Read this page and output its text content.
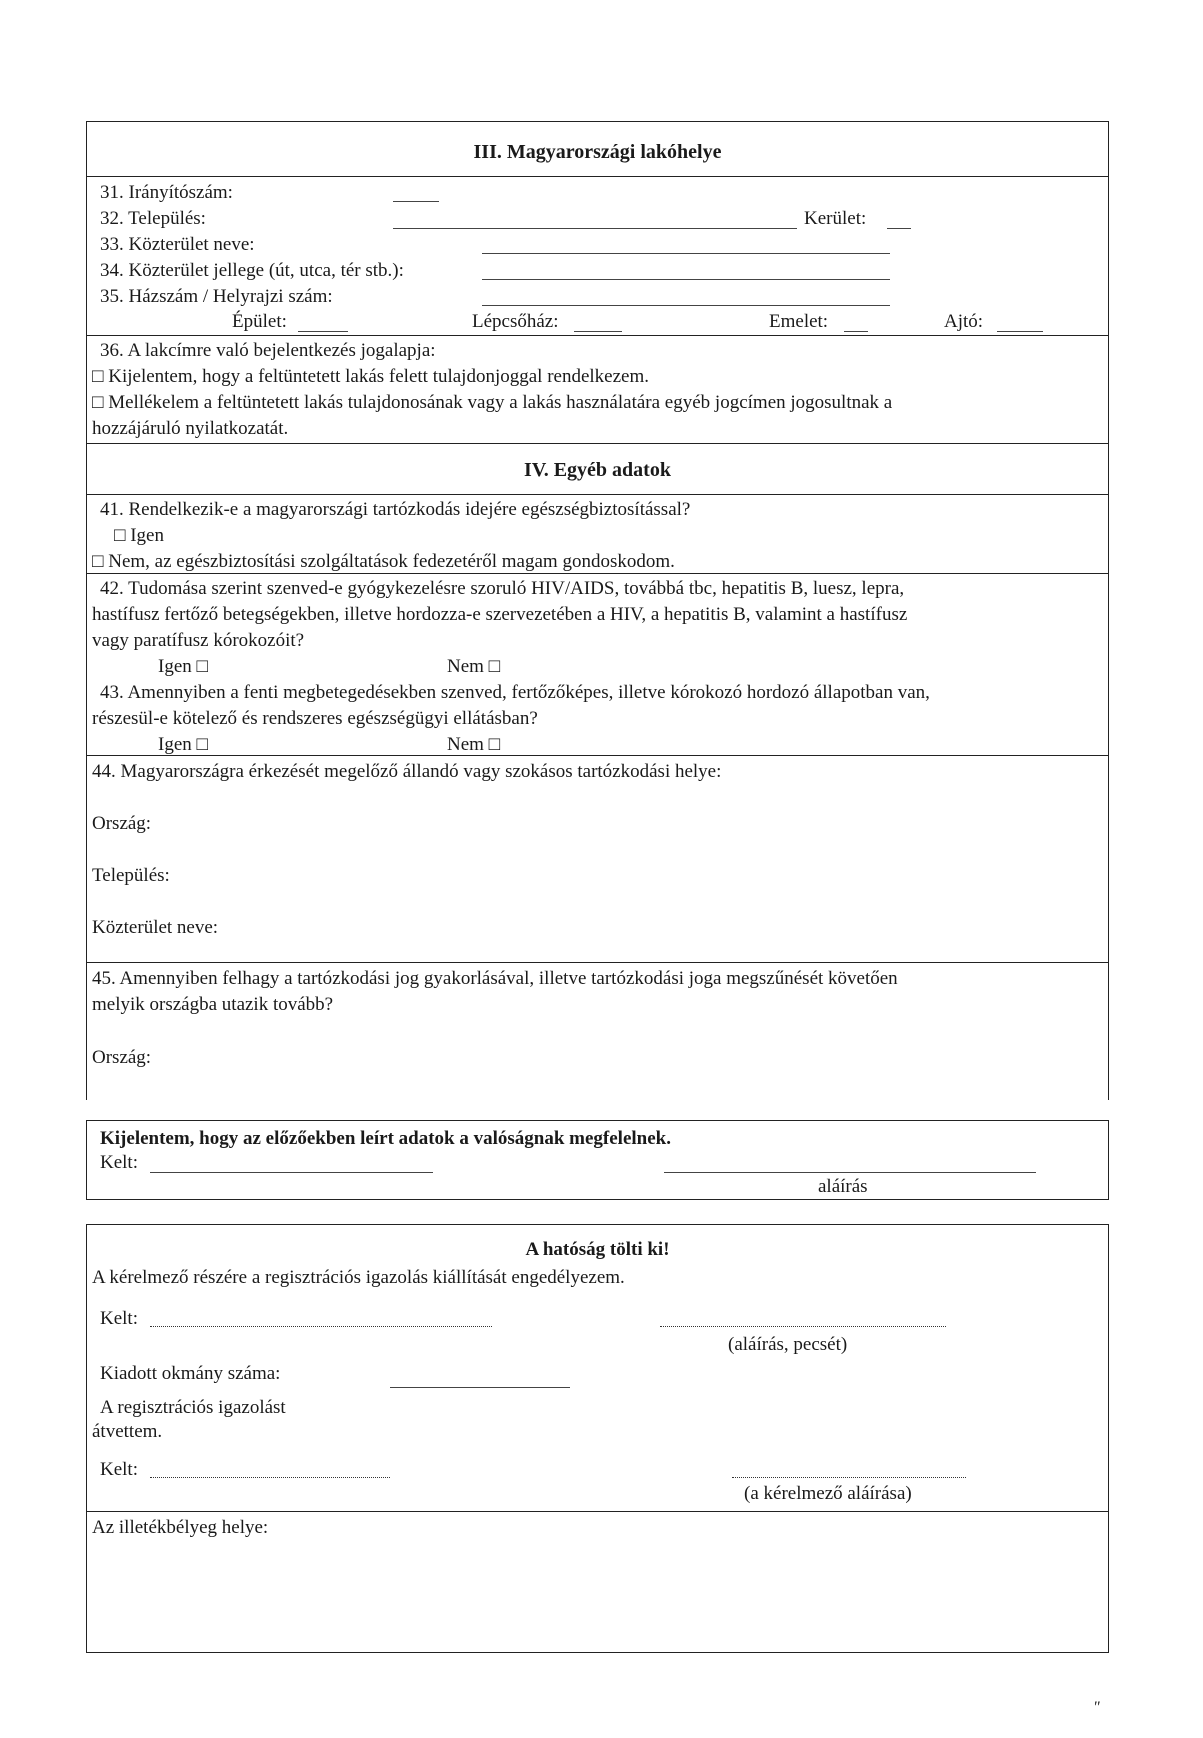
III. Magyarországi lakóhelye
31. Irányítószám:
32. Település:	Kerület:
33. Közterület neve:
34. Közterület jellege (út, utca, tér stb.):
35. Házszám / Helyrajzi szám:
Épület:	Lépcsőház:	Emelet:	Ajtó:
36. A lakcímre való bejelentkezés jogalapja:
□ Kijelentem, hogy a feltüntetett lakás felett tulajdonjoggal rendelkezem.
□ Mellékelem a feltüntetett lakás tulajdonosának vagy a lakás használatára egyéb jogcímen jogosultnak a
hozzájáruló nyilatkozatát.
IV. Egyéb adatok
41. Rendelkezik-e a magyarországi tartózkodás idejére egészségbiztosítással?
□ Igen
□ Nem, az egészbiztosítási szolgáltatások fedezetéről magam gondoskodom.
42. Tudomása szerint szenved-e gyógykezelésre szoruló HIV/AIDS, továbbá tbc, hepatitis B, luesz, lepra,
hastífusz fertőző betegségekben, illetve hordozza-e szervezetében a HIV, a hepatitis B, valamint a hastífusz
vagy paratífusz kórokozóit?
Igen □	Nem □
43. Amennyiben a fenti megbetegedésekben szenved, fertőzőképes, illetve kórokozó hordozó állapotban van,
részesül-e kötelező és rendszeres egészségügyi ellátásban?
Igen □	Nem □
44. Magyarországra érkezését megelőző állandó vagy szokásos tartózkodási helye:
Ország:
Település:
Közterület neve:
45. Amennyiben felhagy a tartózkodási jog gyakorlásával, illetve tartózkodási joga megszűnését követően
melyik országba utazik tovább?
Ország:
Kijelentem, hogy az előzőekben leírt adatok a valóságnak megfelelnek.
Kelt:
aláírás
A hatóság tölti ki!
A kérelmező részére a regisztrációs igazolás kiállítását engedélyezem.
Kelt:
(aláírás, pecsét)
Kiadott okmány száma:
A regisztrációs igazolást
átvettem.
Kelt:
(a kérelmező aláírása)
Az illetékbélyeg helye:
"
